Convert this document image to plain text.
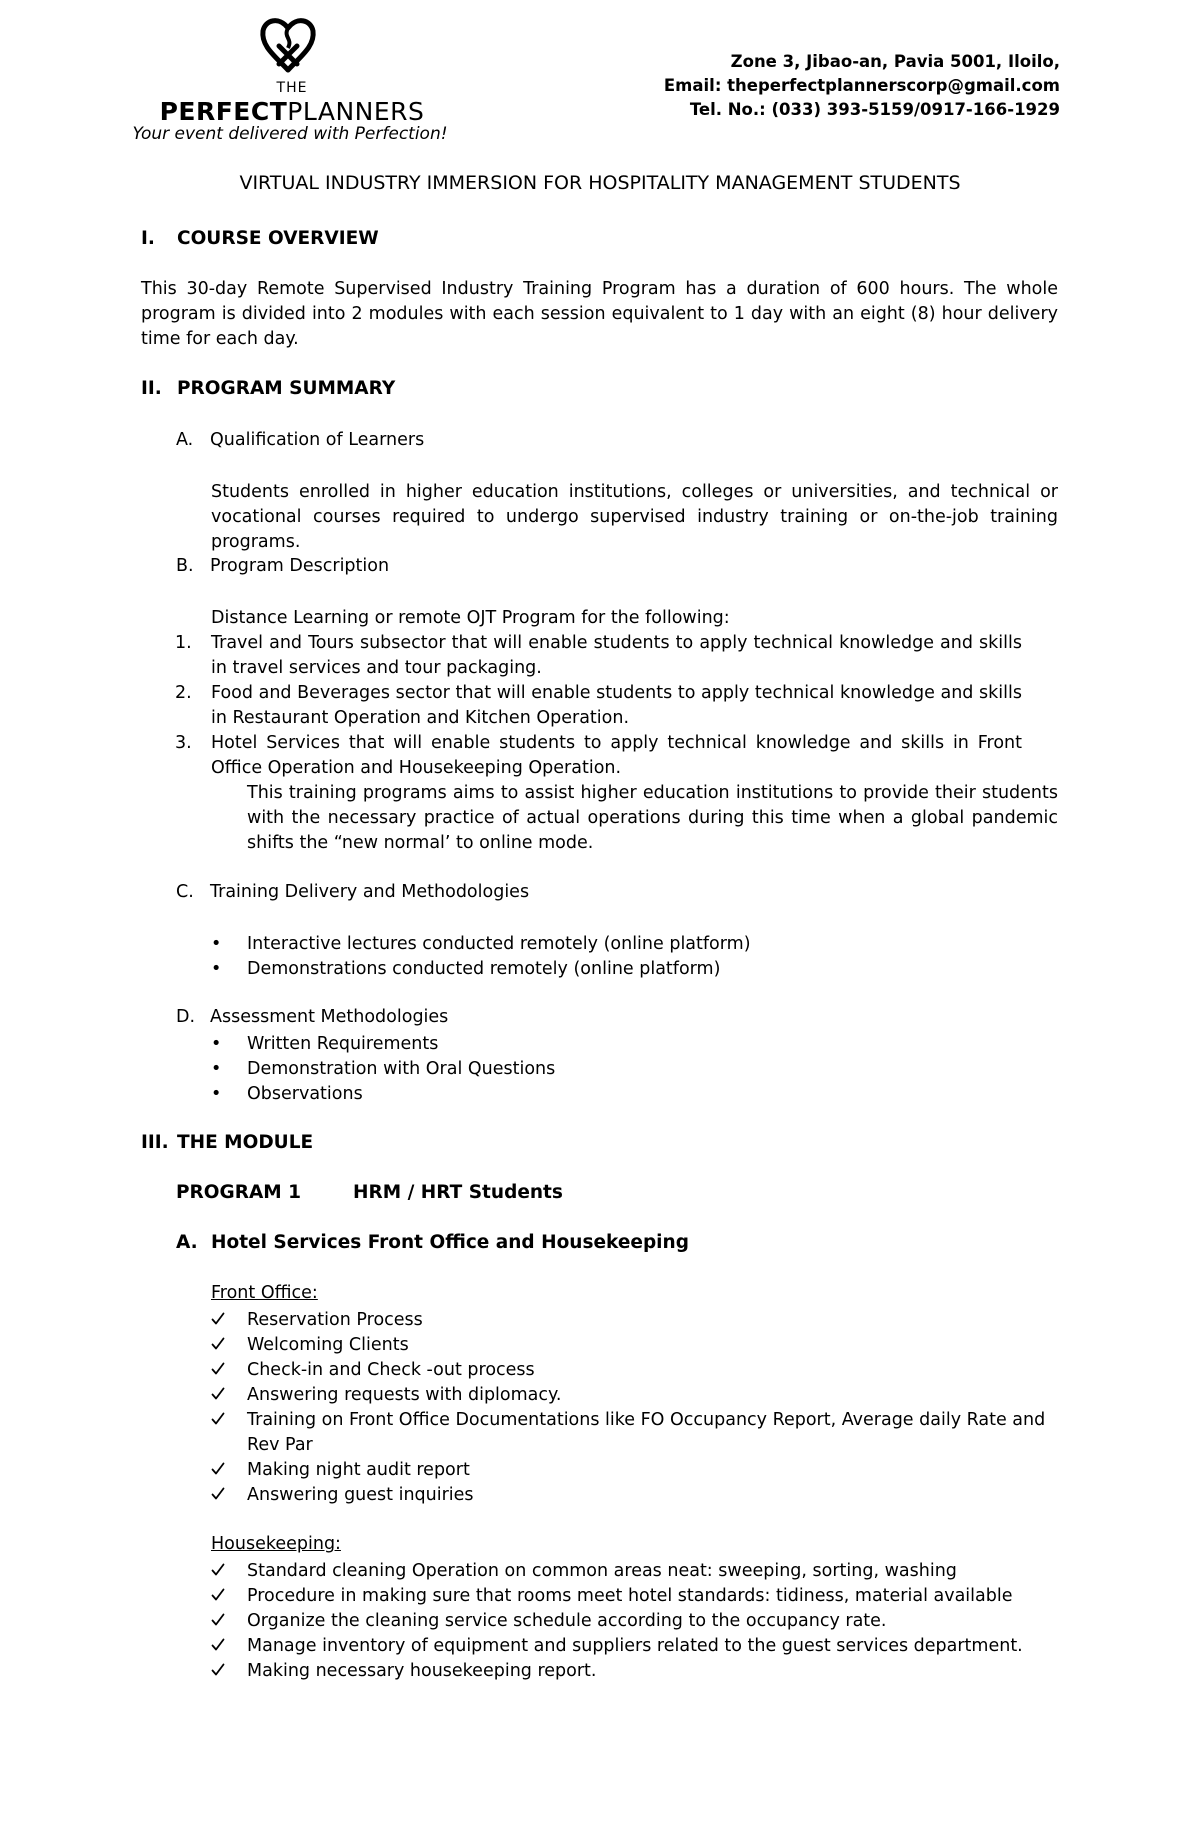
THE
PERFECTPLANNERS
Your event delivered with Perfection!
Zone 3, Jibao-an, Pavia 5001, Iloilo,
Email: theperfectplannerscorp@gmail.com
Tel. No.: (033) 393-5159/0917-166-1929
VIRTUAL INDUSTRY IMMERSION FOR HOSPITALITY MANAGEMENT STUDENTS
I. COURSE OVERVIEW
This 30-day Remote Supervised Industry Training Program has a duration of 600 hours. The whole program is divided into 2 modules with each session equivalent to 1 day with an eight (8) hour delivery time for each day.
II. PROGRAM SUMMARY
A. Qualification of Learners
Students enrolled in higher education institutions, colleges or universities, and technical or vocational courses required to undergo supervised industry training or on-the-job training programs.
B. Program Description
Distance Learning or remote OJT Program for the following:
1.	Travel and Tours subsector that will enable students to apply technical knowledge and skills in travel services and tour packaging.
2.	Food and Beverages sector that will enable students to apply technical knowledge and skills in Restaurant Operation and Kitchen Operation.
3.	Hotel Services that will enable students to apply technical knowledge and skills in Front Office Operation and Housekeeping Operation.
This training programs aims to assist higher education institutions to provide their students with the necessary practice of actual operations during this time when a global pandemic shifts the “new normal’ to online mode.
C. Training Delivery and Methodologies
•	Interactive lectures conducted remotely (online platform)
•	Demonstrations conducted remotely (online platform)
D. Assessment Methodologies
•	Written Requirements
•	Demonstration with Oral Questions
•	Observations
III. THE MODULE
PROGRAM 1	HRM / HRT Students
A. Hotel Services Front Office and Housekeeping
Front Office:
Reservation Process
Welcoming Clients
Check-in and Check -out process
Answering requests with diplomacy.
Training on Front Office Documentations like FO Occupancy Report, Average daily Rate and Rev Par
Making night audit report
Answering guest inquiries
Housekeeping:
Standard cleaning Operation on common areas neat: sweeping, sorting, washing
Procedure in making sure that rooms meet hotel standards: tidiness, material available
Organize the cleaning service schedule according to the occupancy rate.
Manage inventory of equipment and suppliers related to the guest services department.
Making necessary housekeeping report.
